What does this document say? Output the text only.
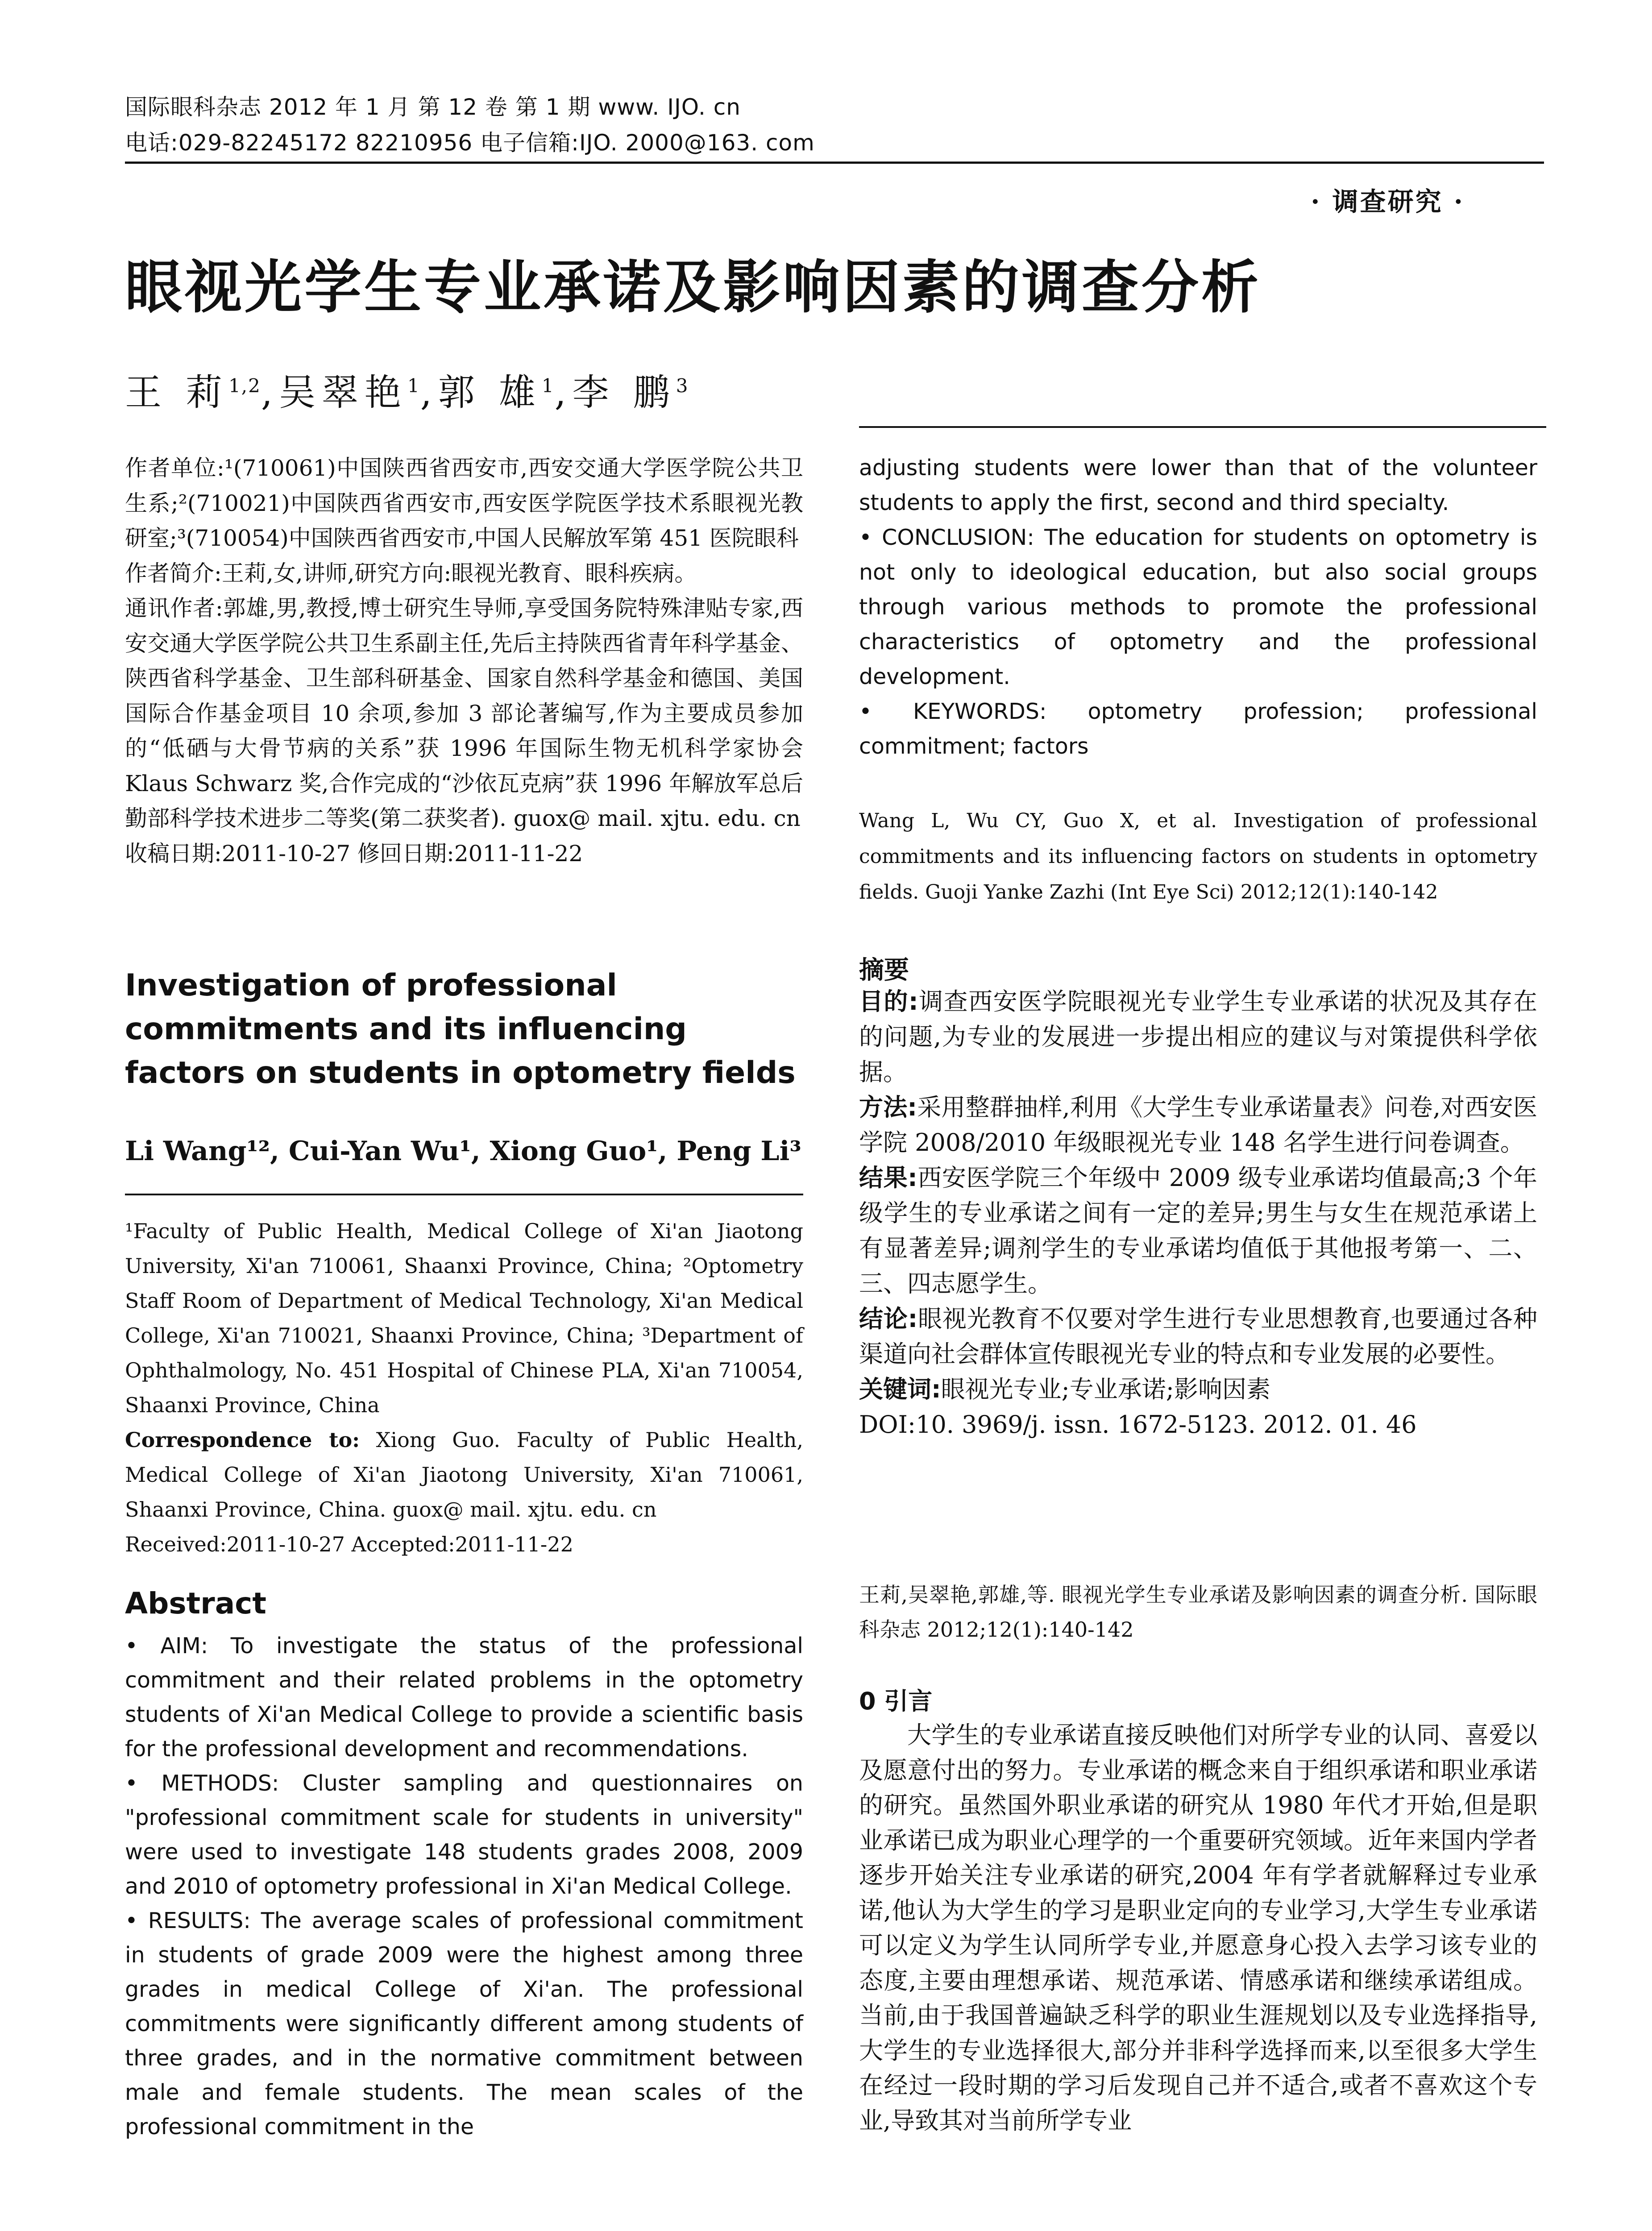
国际眼科杂志 2012 年 1 月 第 12 卷 第 1 期 www. IJO. cn
电话:029-82245172 82210956 电子信箱:IJO. 2000@163. com
· 调查研究 ·
眼视光学生专业承诺及影响因素的调查分析
王 莉$^{1,2}$,吴翠艳$^1$,郭 雄$^1$,李 鹏$^3$

作者单位:¹(710061)中国陕西省西安市,西安交通大学医学院公共卫生系;²(710021)中国陕西省西安市,西安医学院医学技术系眼视光教研室;³(710054)中国陕西省西安市,中国人民解放军第 451 医院眼科

作者简介:王莉,女,讲师,研究方向:眼视光教育、眼科疾病。

通讯作者:郭雄,男,教授,博士研究生导师,享受国务院特殊津贴专家,西安交通大学医学院公共卫生系副主任,先后主持陕西省青年科学基金、陕西省科学基金、卫生部科研基金、国家自然科学基金和德国、美国国际合作基金项目 10 余项,参加 3 部论著编写,作为主要成员参加的“低硒与大骨节病的关系”获 1996 年国际生物无机科学家协会 Klaus Schwarz 奖,合作完成的“沙依瓦克病”获 1996 年解放军总后勤部科学技术进步二等奖(第二获奖者). guox@ mail. xjtu. edu. cn

收稿日期:2011-10-27 修回日期:2011-11-22

Investigation of professional commitments and its influencing factors on students in optometry fields
Li Wang¹², Cui-Yan Wu¹, Xiong Guo¹, Peng Li³

¹Faculty of Public Health, Medical College of Xi'an Jiaotong University, Xi'an 710061, Shaanxi Province, China; ²Optometry Staff Room of Department of Medical Technology, Xi'an Medical College, Xi'an 710021, Shaanxi Province, China; ³Department of Ophthalmology, No. 451 Hospital of Chinese PLA, Xi'an 710054, Shaanxi Province, China

Correspondence to: Xiong Guo. Faculty of Public Health, Medical College of Xi'an Jiaotong University, Xi'an 710061, Shaanxi Province, China. guox@ mail. xjtu. edu. cn

Received:2011-10-27 Accepted:2011-11-22

Abstract

• AIM: To investigate the status of the professional commitment and their related problems in the optometry students of Xi'an Medical College to provide a scientific basis for the professional development and recommendations.

• METHODS: Cluster sampling and questionnaires on "professional commitment scale for students in university" were used to investigate 148 students grades 2008, 2009 and 2010 of optometry professional in Xi'an Medical College.

• RESULTS: The average scales of professional commitment in students of grade 2009 were the highest among three grades in medical College of Xi'an. The professional commitments were significantly different among students of three grades, and in the normative commitment between male and female students. The mean scales of the professional commitment in the

adjusting students were lower than that of the volunteer students to apply the first, second and third specialty.

• CONCLUSION: The education for students on optometry is not only to ideological education, but also social groups through various methods to promote the professional characteristics of optometry and the professional development.

• KEYWORDS: optometry profession; professional commitment; factors

Wang L, Wu CY, Guo X, et al. Investigation of professional commitments and its influencing factors on students in optometry fields. Guoji Yanke Zazhi (Int Eye Sci) 2012;12(1):140-142
摘要

目的:调查西安医学院眼视光专业学生专业承诺的状况及其存在的问题,为专业的发展进一步提出相应的建议与对策提供科学依据。

方法:采用整群抽样,利用《大学生专业承诺量表》问卷,对西安医学院 2008/2010 年级眼视光专业 148 名学生进行问卷调查。

结果:西安医学院三个年级中 2009 级专业承诺均值最高;3 个年级学生的专业承诺之间有一定的差异;男生与女生在规范承诺上有显著差异;调剂学生的专业承诺均值低于其他报考第一、二、三、四志愿学生。

结论:眼视光教育不仅要对学生进行专业思想教育,也要通过各种渠道向社会群体宣传眼视光专业的特点和专业发展的必要性。

关键词:眼视光专业;专业承诺;影响因素

DOI:10. 3969/j. issn. 1672-5123. 2012. 01. 46

王莉,吴翠艳,郭雄,等. 眼视光学生专业承诺及影响因素的调查分析. 国际眼科杂志 2012;12(1):140-142
0 引言
大学生的专业承诺直接反映他们对所学专业的认同、喜爱以及愿意付出的努力。专业承诺的概念来自于组织承诺和职业承诺的研究。虽然国外职业承诺的研究从 1980 年代才开始,但是职业承诺已成为职业心理学的一个重要研究领域。近年来国内学者逐步开始关注专业承诺的研究,2004 年有学者就解释过专业承诺,他认为大学生的学习是职业定向的专业学习,大学生专业承诺可以定义为学生认同所学专业,并愿意身心投入去学习该专业的态度,主要由理想承诺、规范承诺、情感承诺和继续承诺组成。当前,由于我国普遍缺乏科学的职业生涯规划以及专业选择指导,大学生的专业选择很大,部分并非科学选择而来,以至很多大学生在经过一段时期的学习后发现自己并不适合,或者不喜欢这个专业,导致其对当前所学专业
